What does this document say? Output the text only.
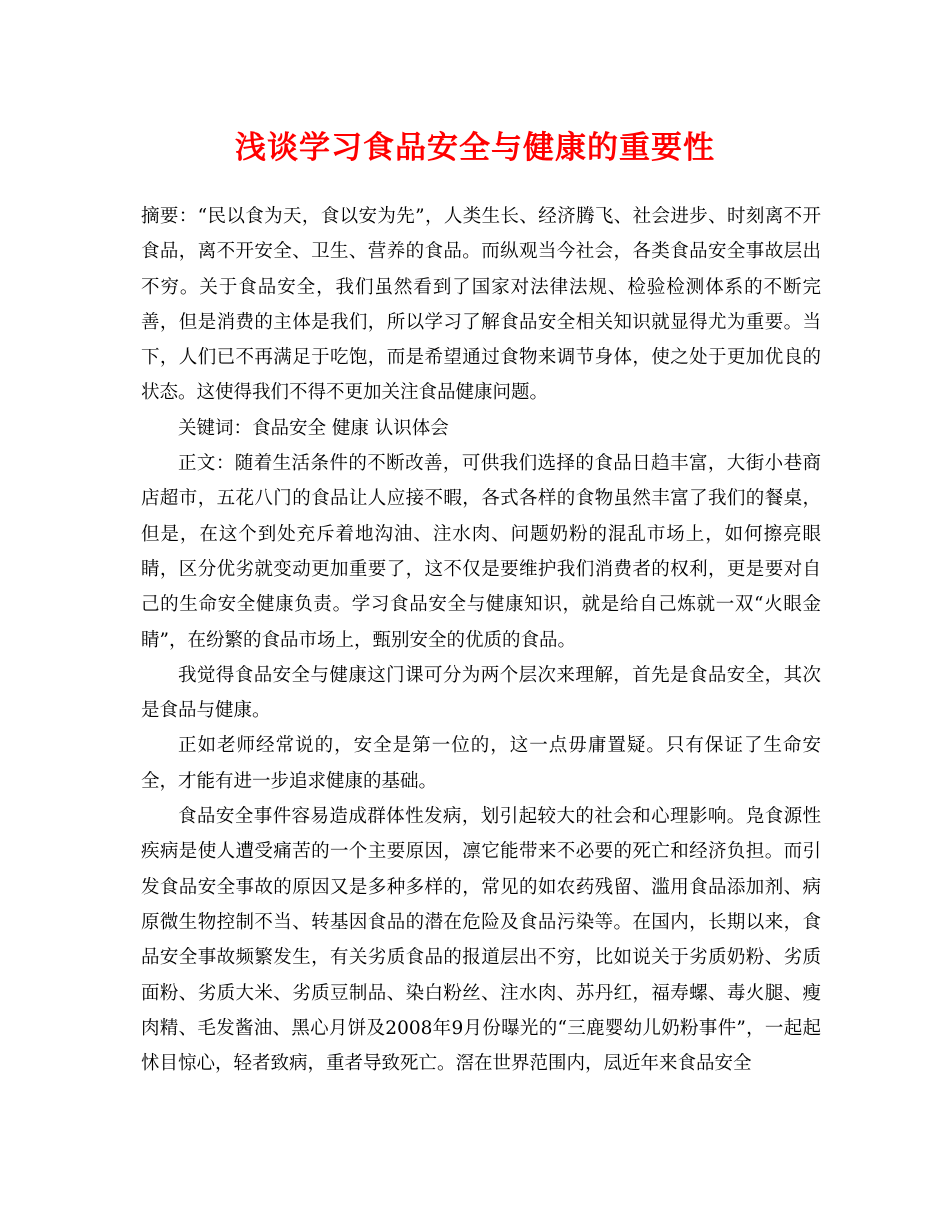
浅谈学习食品安全与健康的重要性

摘要：“民以食为天，食以安为先”，人类生长、经济腾飞、社会进步、时刻离不开食品，离不开安全、卫生、营养的食品。而纵观当今社会，各类食品安全事故层出不穷。关于食品安全，我们虽然看到了国家对法律法规、检验检测体系的不断完善，但是消费的主体是我们，所以学习了解食品安全相关知识就显得尤为重要。当下，人们已不再满足于吃饱，而是希望通过食物来调节身体，使之处于更加优良的状态。这使得我们不得不更加关注食品健康问题。

关键词：食品安全 健康 认识体会

正文：随着生活条件的不断改善，可供我们选择的食品日趋丰富，大街小巷商店超市，五花八门的食品让人应接不暇，各式各样的食物虽然丰富了我们的餐桌，但是，在这个到处充斥着地沟油、注水肉、问题奶粉的混乱市场上，如何擦亮眼睛，区分优劣就变动更加重要了，这不仅是要维护我们消费者的权利，更是要对自己的生命安全健康负责。学习食品安全与健康知识，就是给自己炼就一双“火眼金睛”，在纷繁的食品市场上，甄别安全的优质的食品。

我觉得食品安全与健康这门课可分为两个层次来理解，首先是食品安全，其次是食品与健康。

正如老师经常说的，安全是第一位的，这一点毋庸置疑。只有保证了生命安全，才能有进一步追求健康的基础。

食品安全事件容易造成群体性发病，划引起较大的社会和心理影响。凫食源性疾病是使人遭受痛苦的一个主要原因，凛它能带来不必要的死亡和经济负担。而引发食品安全事故的原因又是多种多样的，常见的如农药残留、滥用食品添加剂、病原微生物控制不当、转基因食品的潜在危险及食品污染等。在国内，长期以来，食品安全事故频繁发生，有关劣质食品的报道层出不穷，比如说关于劣质奶粉、劣质面粉、劣质大米、劣质豆制品、染白粉丝、注水肉、苏丹红，福寿螺、毒火腿、瘦肉精、毛发酱油、黑心月饼及2008年9月份曝光的“三鹿婴幼儿奶粉事件”，一起起怵目惊心，轻者致病，重者导致死亡。滘在世界范围内，凨近年来食品安全
